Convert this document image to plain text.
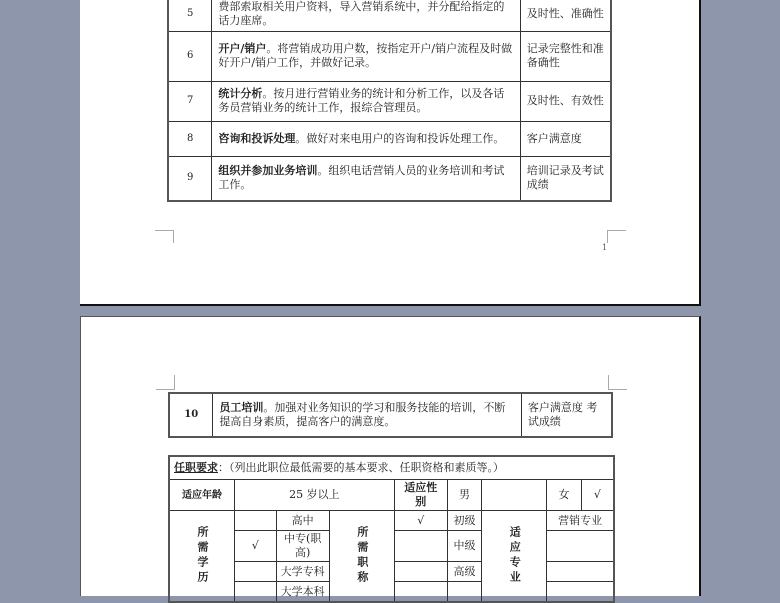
5	费部索取相关用户资料，导入营销系统中，并分配给指定的话力座席。	及时性、准确性
6	开户/销户。将营销成功用户数，按指定开户/销户流程及时做好开户/销户工作，并做好记录。	记录完整性和准备确性
7	统计分析。按月进行营销业务的统计和分析工作，以及各话务员营销业务的统计工作，报综合管理员。	及时性、有效性
8	咨询和投诉处理。做好对来电用户的咨询和投诉处理工作。	客户满意度
9	组织并参加业务培训。组织电话营销人员的业务培训和考试工作。	培训记录及考试成绩
1
10	员工培训。加强对业务知识的学习和服务技能的培训，不断提高自身素质，提高客户的满意度。	客户满意度 考试成绩
任职要求：（列出此职位最低需要的基本要求、任职资格和素质等。）								
适应年龄	25 岁以上			适应性别	男		女	√
所需学历		高中	所需职称	√	初级	适应专业	营销专业	
	√	中专(职高)			中级			
		大学专科			高级			
		大学本科						
